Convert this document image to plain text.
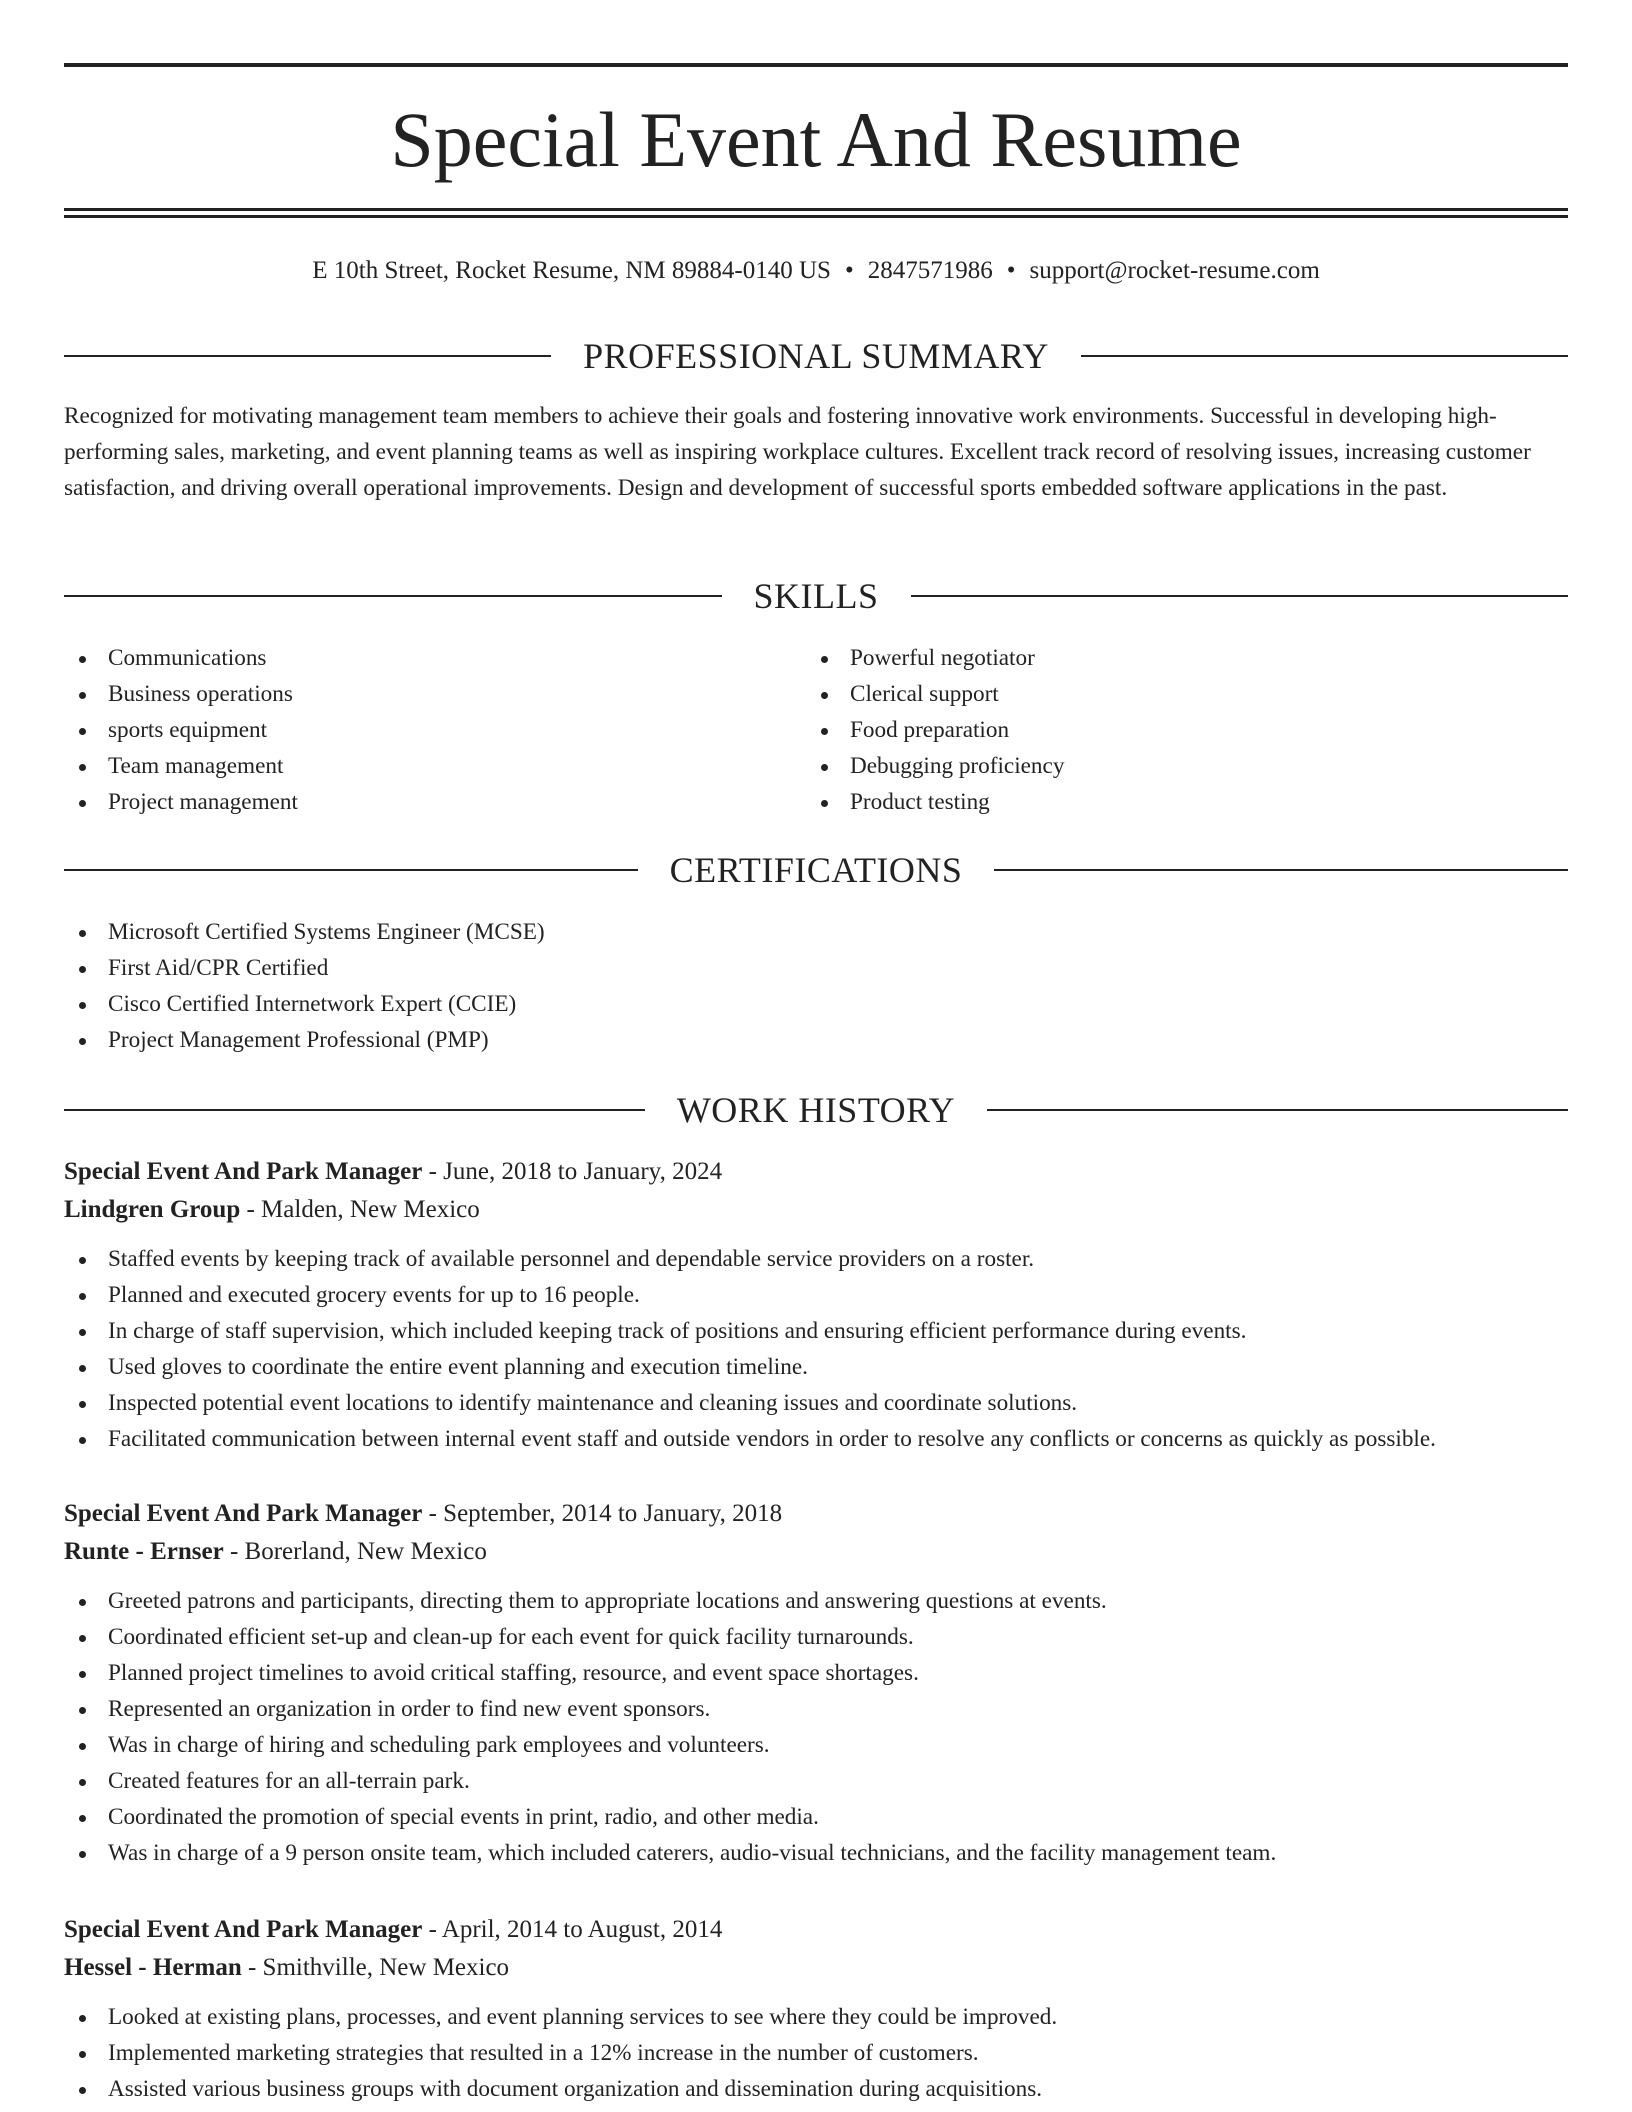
Special Event And Resume
E 10th Street, Rocket Resume, NM 89884-0140 US • 2847571986 • support@rocket-resume.com
PROFESSIONAL SUMMARY

Recognized for motivating management team members to achieve their goals and fostering innovative work environments. Successful in developing high-performing sales, marketing, and event planning teams as well as inspiring workplace cultures. Excellent track record of resolving issues, increasing customer satisfaction, and driving overall operational improvements. Design and development of successful sports embedded software applications in the past.

SKILLS
Communications
Business operations
sports equipment
Team management
Project management
Powerful negotiator
Clerical support
Food preparation
Debugging proficiency
Product testing
CERTIFICATIONS
Microsoft Certified Systems Engineer (MCSE)
First Aid/CPR Certified
Cisco Certified Internetwork Expert (CCIE)
Project Management Professional (PMP)
WORK HISTORY
Special Event And Park Manager - June, 2018 to January, 2024
Lindgren Group - Malden, New Mexico
Staffed events by keeping track of available personnel and dependable service providers on a roster.
Planned and executed grocery events for up to 16 people.
In charge of staff supervision, which included keeping track of positions and ensuring efficient performance during events.
Used gloves to coordinate the entire event planning and execution timeline.
Inspected potential event locations to identify maintenance and cleaning issues and coordinate solutions.
Facilitated communication between internal event staff and outside vendors in order to resolve any conflicts or concerns as quickly as possible.
Special Event And Park Manager - September, 2014 to January, 2018
Runte - Ernser - Borerland, New Mexico
Greeted patrons and participants, directing them to appropriate locations and answering questions at events.
Coordinated efficient set-up and clean-up for each event for quick facility turnarounds.
Planned project timelines to avoid critical staffing, resource, and event space shortages.
Represented an organization in order to find new event sponsors.
Was in charge of hiring and scheduling park employees and volunteers.
Created features for an all-terrain park.
Coordinated the promotion of special events in print, radio, and other media.
Was in charge of a 9 person onsite team, which included caterers, audio-visual technicians, and the facility management team.
Special Event And Park Manager - April, 2014 to August, 2014
Hessel - Herman - Smithville, New Mexico
Looked at existing plans, processes, and event planning services to see where they could be improved.
Implemented marketing strategies that resulted in a 12% increase in the number of customers.
Assisted various business groups with document organization and dissemination during acquisitions.
